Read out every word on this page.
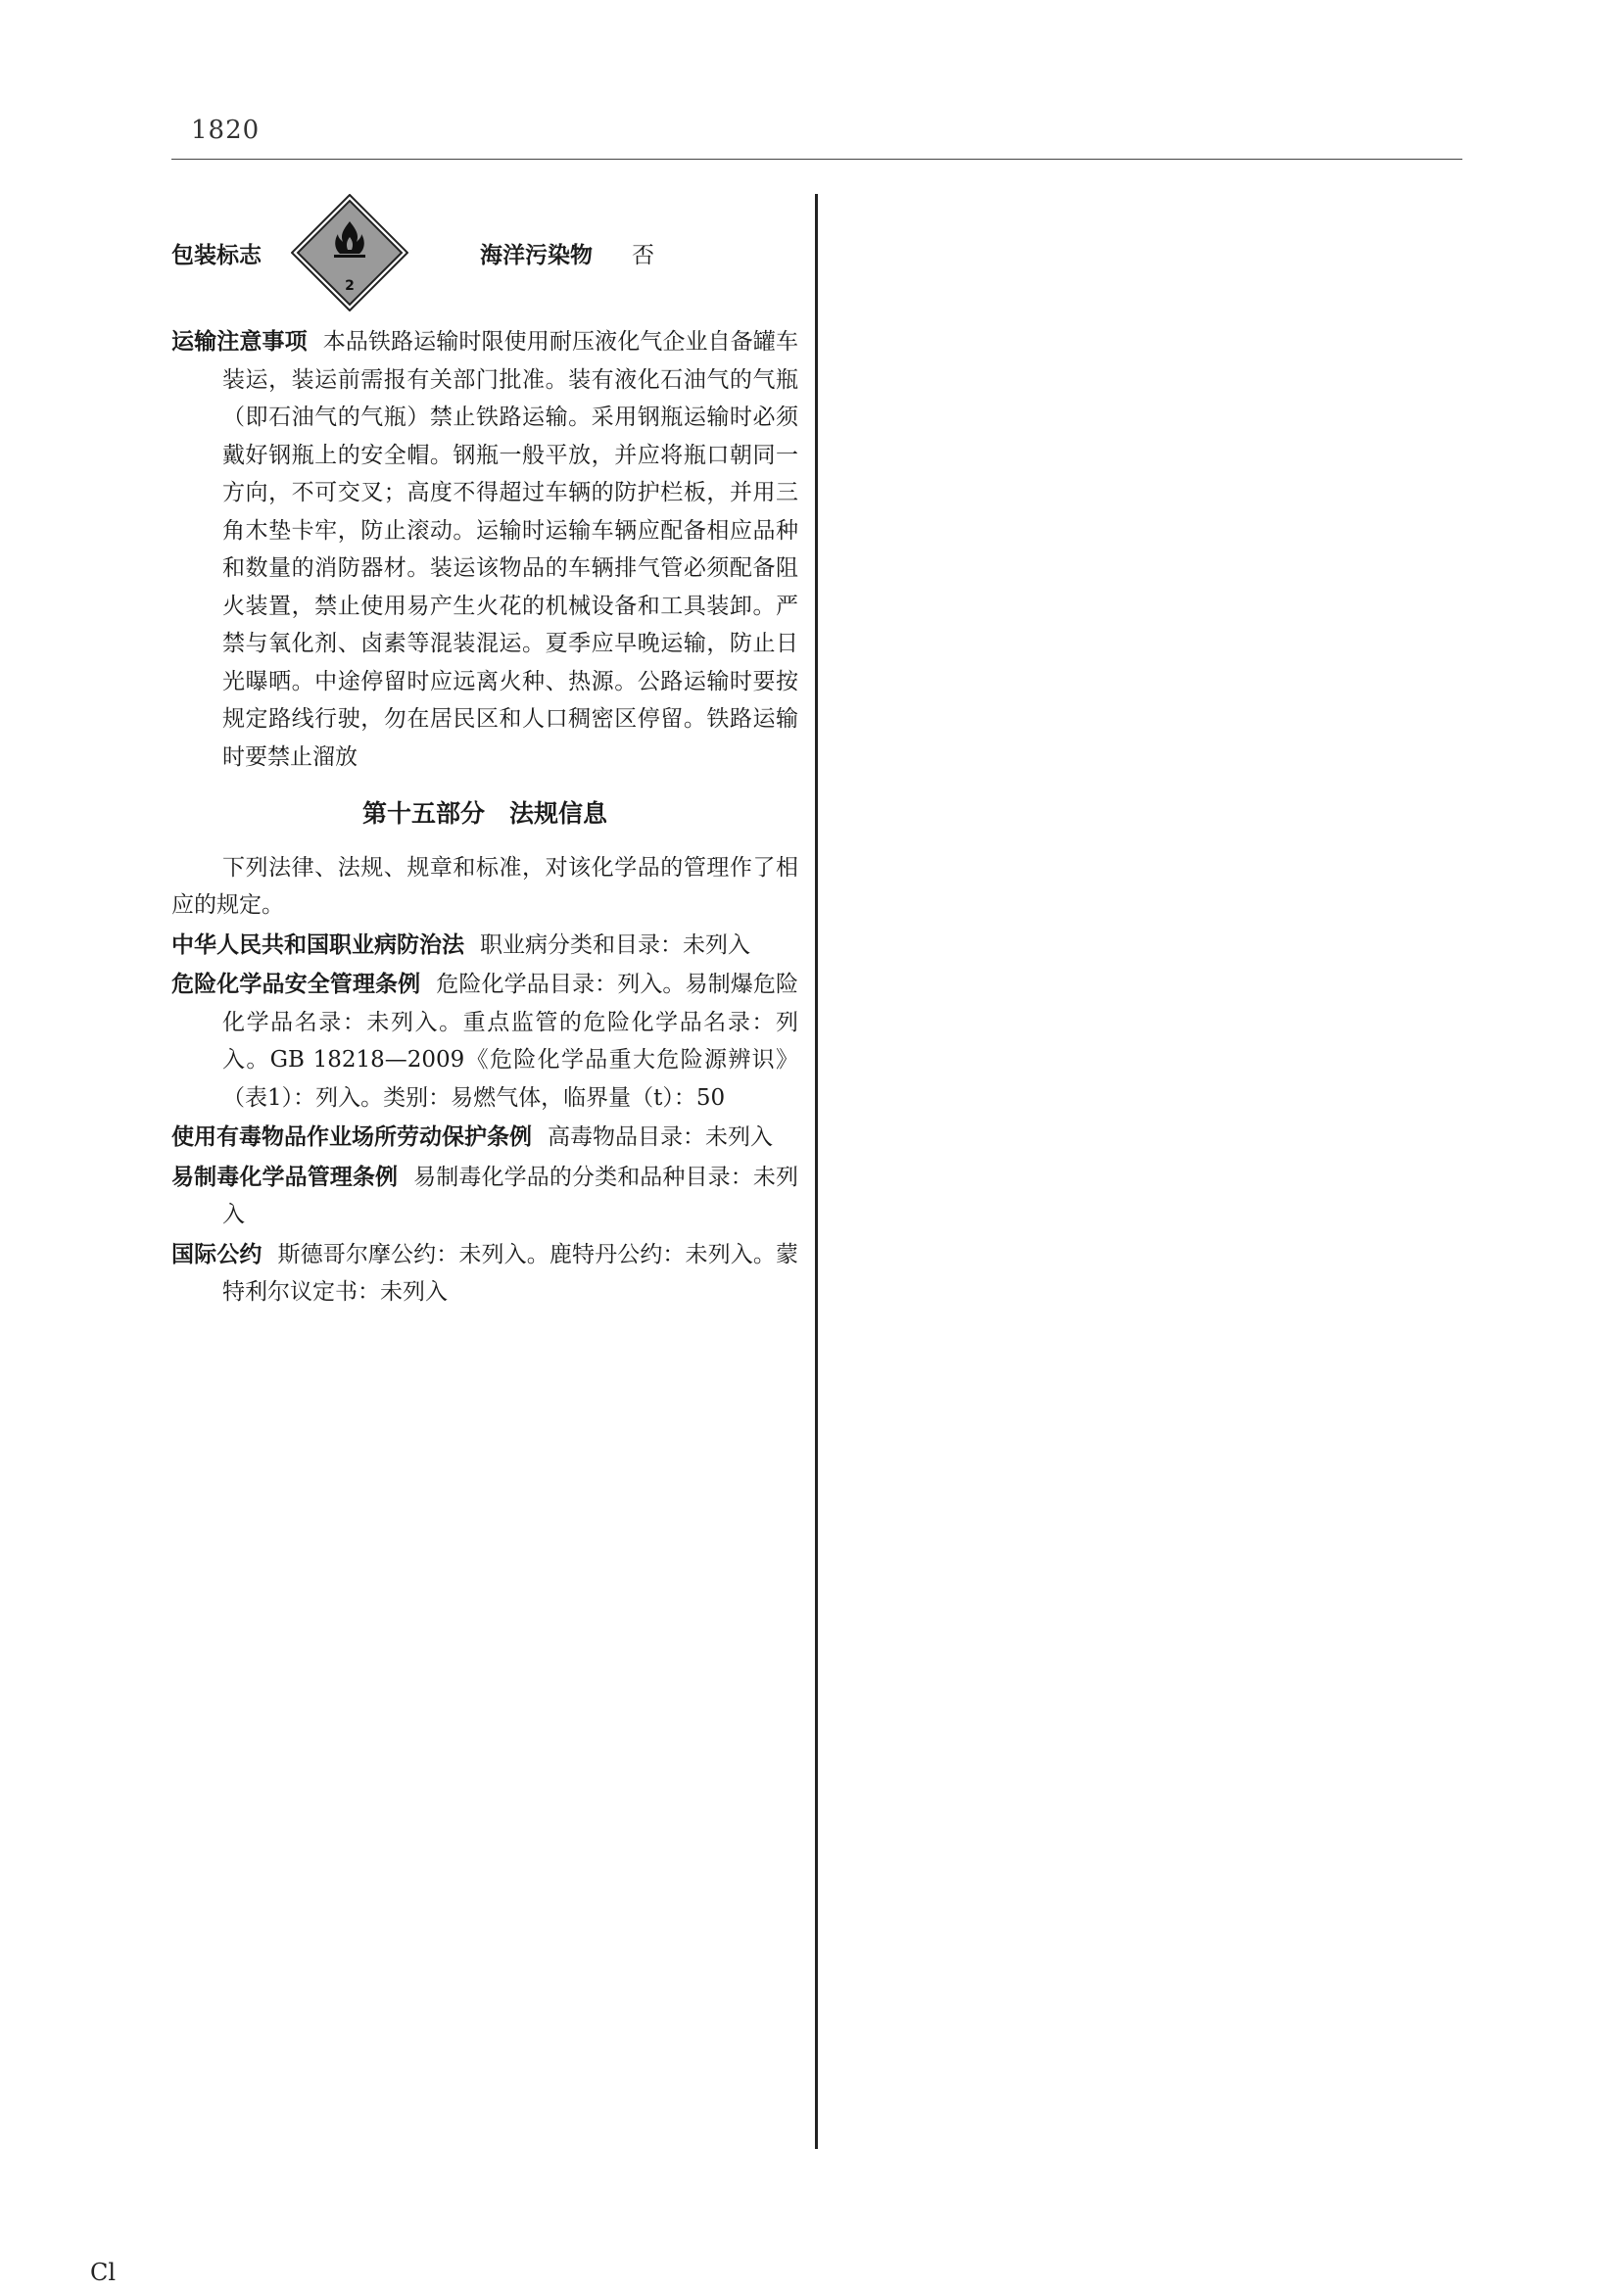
1820
包装标志
2
海洋污染物 否

运输注意事项 本品铁路运输时限使用耐压液化气企业自备罐车装运，装运前需报有关部门批准。装有液化石油气的气瓶（即石油气的气瓶）禁止铁路运输。采用钢瓶运输时必须戴好钢瓶上的安全帽。钢瓶一般平放，并应将瓶口朝同一方向，不可交叉；高度不得超过车辆的防护栏板，并用三角木垫卡牢，防止滚动。运输时运输车辆应配备相应品种和数量的消防器材。装运该物品的车辆排气管必须配备阻火装置，禁止使用易产生火花的机械设备和工具装卸。严禁与氧化剂、卤素等混装混运。夏季应早晚运输，防止日光曝晒。中途停留时应远离火种、热源。公路运输时要按规定路线行驶，勿在居民区和人口稠密区停留。铁路运输时要禁止溜放

第十五部分　法规信息

下列法律、法规、规章和标准，对该化学品的管理作了相应的规定。

中华人民共和国职业病防治法 职业病分类和目录：未列入

危险化学品安全管理条例 危险化学品目录：列入。易制爆危险化学品名录：未列入。重点监管的危险化学品名录：列入。GB 18218—2009《危险化学品重大危险源辨识》（表1）：列入。类别：易燃气体，临界量（t）：50

使用有毒物品作业场所劳动保护条例 高毒物品目录：未列入

易制毒化学品管理条例 易制毒化学品的分类和品种目录：未列入

国际公约 斯德哥尔摩公约：未列入。鹿特丹公约：未列入。蒙特利尔议定书：未列入

Cl
